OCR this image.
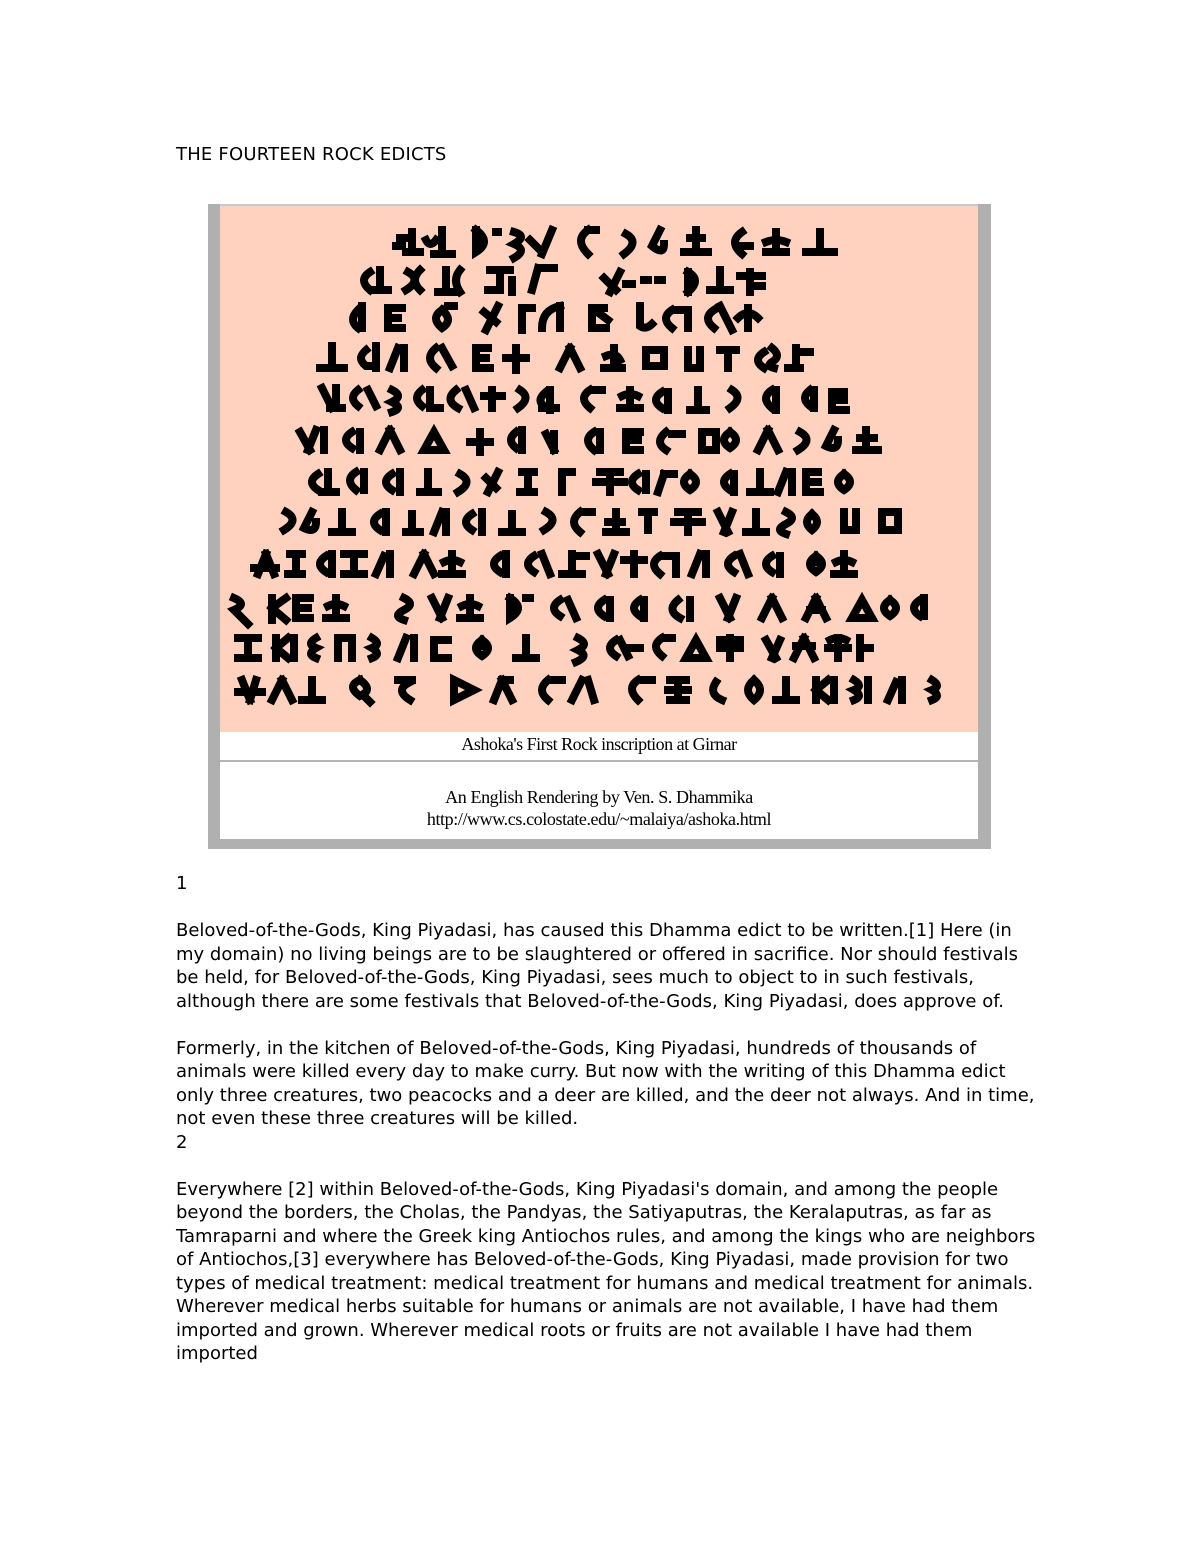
THE FOURTEEN ROCK EDICTS
Ashoka's First Rock inscription at Girnar
An English Rendering by Ven. S. Dhammika
http://www.cs.colostate.edu/~malaiya/ashoka.html

1

Beloved-of-the-Gods, King Piyadasi, has caused this Dhamma edict to be written.[1] Here (in my domain) no living beings are to be slaughtered or offered in sacrifice. Nor should festivals be held, for Beloved-of-the-Gods, King Piyadasi, sees much to object to in such festivals, although there are some festivals that Beloved-of-the-Gods, King Piyadasi, does approve of.

Formerly, in the kitchen of Beloved-of-the-Gods, King Piyadasi, hundreds of thousands of animals were killed every day to make curry. But now with the writing of this Dhamma edict only three creatures, two peacocks and a deer are killed, and the deer not always. And in time, not even these three creatures will be killed.

2

Everywhere [2] within Beloved-of-the-Gods, King Piyadasi's domain, and among the people beyond the borders, the Cholas, the Pandyas, the Satiyaputras, the Keralaputras, as far as Tamraparni and where the Greek king Antiochos rules, and among the kings who are neighbors of Antiochos,[3] everywhere has Beloved-of-the-Gods, King Piyadasi, made provision for two types of medical treatment: medical treatment for humans and medical treatment for animals. Wherever medical herbs suitable for humans or animals are not available, I have had them imported and grown. Wherever medical roots or fruits are not available I have had them imported
